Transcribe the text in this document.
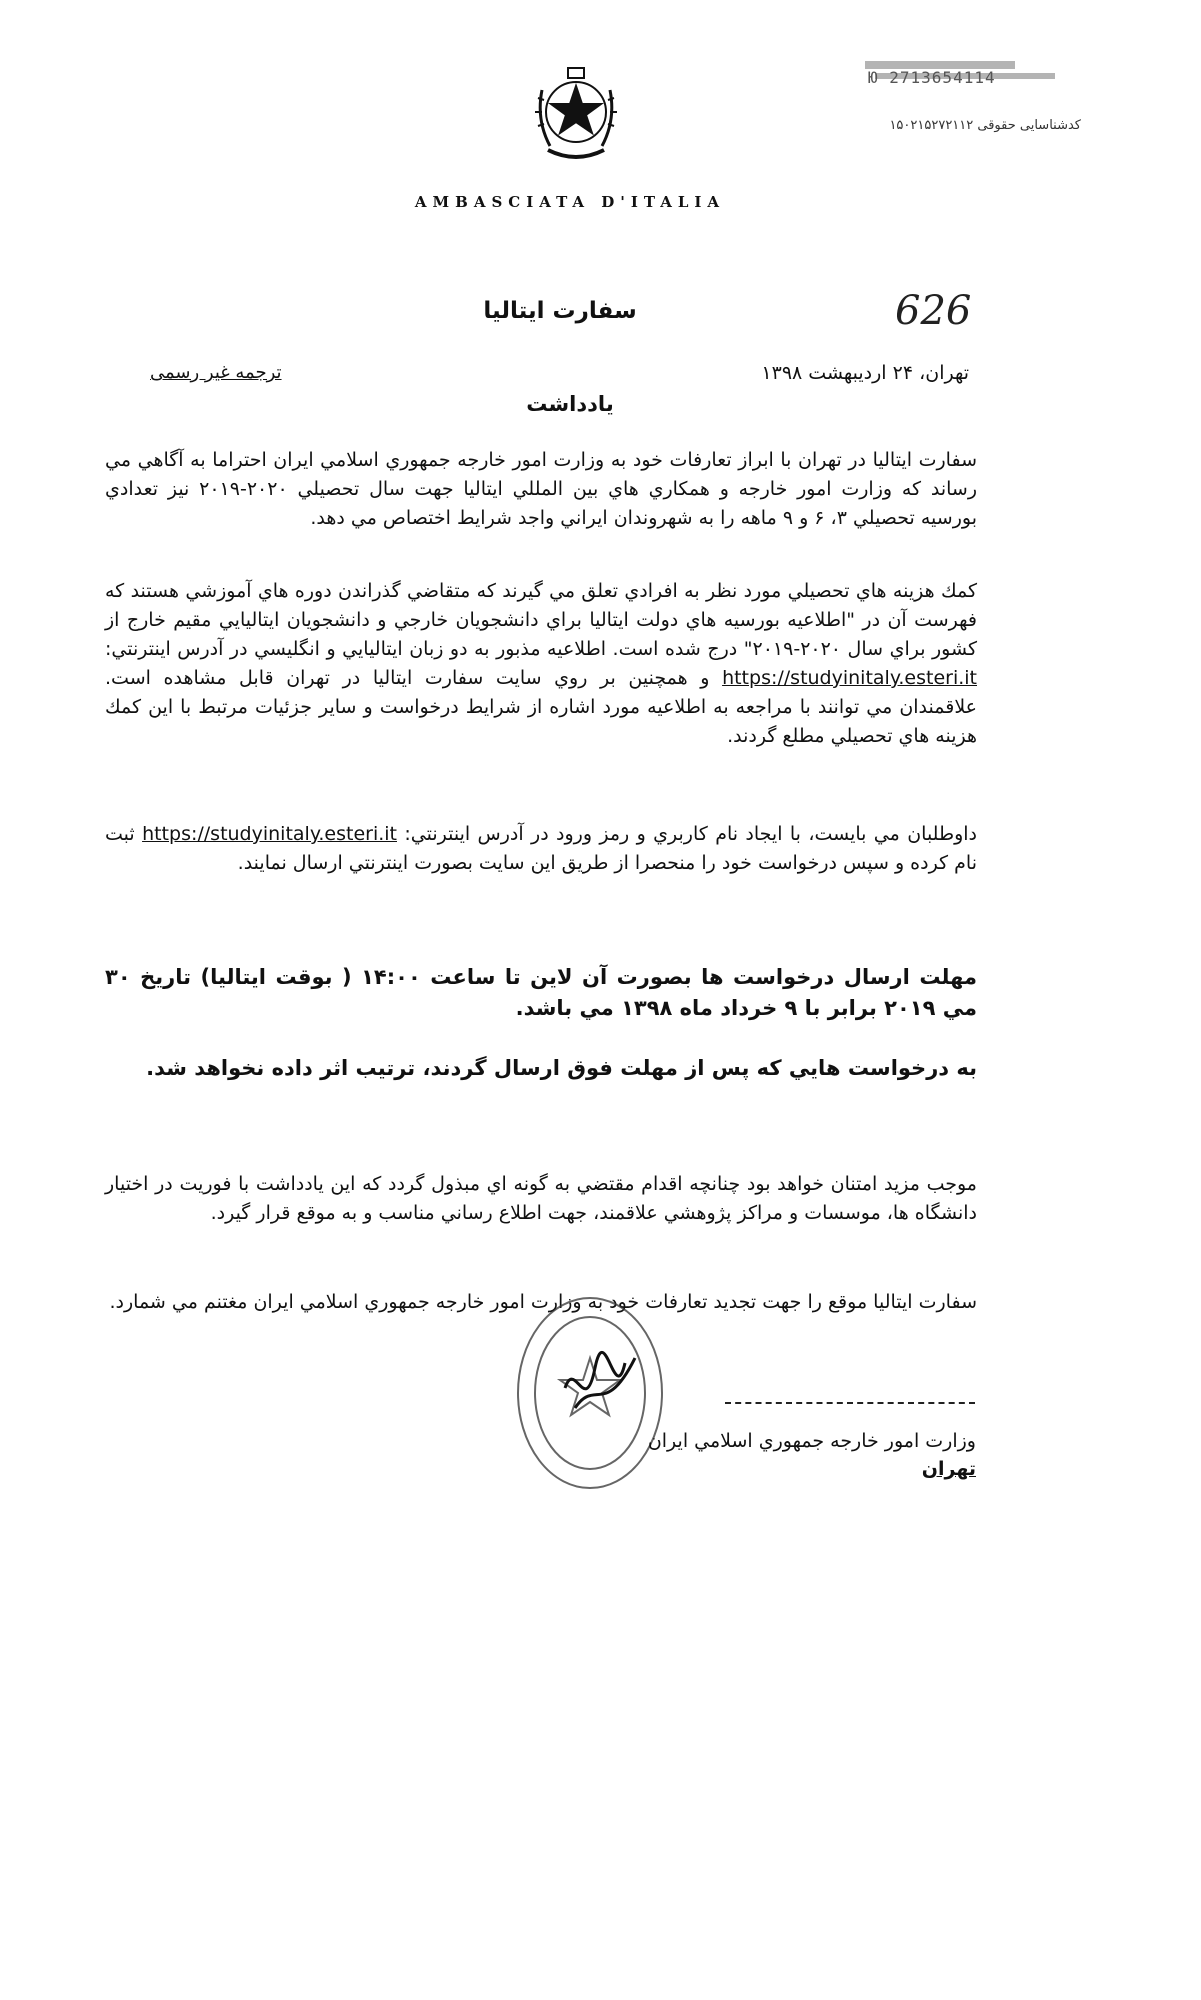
AMBASCIATA D'ITALIA
Ю 2713654114
کدشناسایی حقوقی ۱۵۰۲۱۵۲۷۲۱۱۲
626
سفارت ایتالیا
تهران، ۲۴ اردیبهشت ۱۳۹۸
ترجمه غیر رسمی
یادداشت
سفارت ایتالیا در تهران با ابراز تعارفات خود به وزارت امور خارجه جمهوري اسلامي ايران احتراما به آگاهي مي رساند كه وزارت امور خارجه و همكاري هاي بين المللي ايتاليا جهت سال تحصيلي ۲۰۲۰-۲۰۱۹ نيز تعدادي بورسيه تحصيلي ۳، ۶ و ۹ ماهه را به شهروندان ايراني واجد شرايط اختصاص مي دهد.
كمك هزينه هاي تحصيلي مورد نظر به افرادي تعلق مي گيرند كه متقاضي گذراندن دوره هاي آموزشي هستند كه فهرست آن در "اطلاعيه بورسيه هاي دولت ايتاليا براي دانشجويان خارجي و دانشجويان ايتاليايي مقيم خارج از كشور براي سال ۲۰۲۰-۲۰۱۹" درج شده است. اطلاعيه مذبور به دو زبان ايتاليايي و انگليسي در آدرس اينترنتي: https://studyinitaly.esteri.it و همچنين بر روي سايت سفارت ايتاليا در تهران قابل مشاهده است. علاقمندان مي توانند با مراجعه به اطلاعيه مورد اشاره از شرايط درخواست و ساير جزئيات مرتبط با اين كمك هزينه هاي تحصيلي مطلع گردند.
داوطلبان مي بايست، با ايجاد نام كاربري و رمز ورود در آدرس اينترنتي: https://studyinitaly.esteri.it ثبت نام كرده و سپس درخواست خود را منحصرا از طريق اين سايت بصورت اينترنتي ارسال نمايند.
مهلت ارسال درخواست ها بصورت آن لاين تا ساعت ۱۴:۰۰ ( بوقت ايتاليا) تاريخ ۳۰ مي ۲۰۱۹ برابر با ۹ خرداد ماه ۱۳۹۸ مي باشد.
به درخواست هايي كه پس از مهلت فوق ارسال گردند، ترتيب اثر داده نخواهد شد.
موجب مزيد امتنان خواهد بود چنانچه اقدام مقتضي به گونه اي مبذول گردد كه اين يادداشت با فوريت در اختيار دانشگاه ها، موسسات و مراكز پژوهشي علاقمند، جهت اطلاع رساني مناسب و به موقع قرار گيرد.
سفارت ايتاليا موقع را جهت تجديد تعارفات خود به وزارت امور خارجه جمهوري اسلامي ايران مغتنم مي شمارد.
وزارت امور خارجه جمهوري اسلامي ايران
تهران
